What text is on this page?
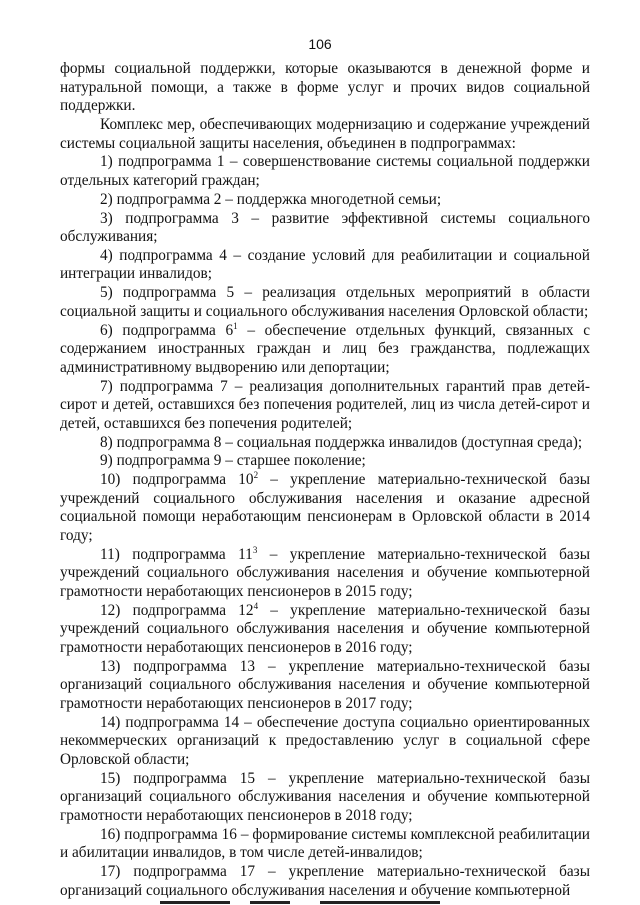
106

формы социальной поддержки, которые оказываются в денежной форме и натуральной помощи, а также в форме услуг и прочих видов социальной поддержки.

Комплекс мер, обеспечивающих модернизацию и содержание учреждений системы социальной защиты населения, объединен в подпрограммах:

1) подпрограмма 1 – совершенствование системы социальной поддержки отдельных категорий граждан;

2) подпрограмма 2 – поддержка многодетной семьи;

3) подпрограмма 3 – развитие эффективной системы социального обслуживания;

4) подпрограмма 4 – создание условий для реабилитации и социальной интеграции инвалидов;

5) подпрограмма 5 – реализация отдельных мероприятий в области социальной защиты и социального обслуживания населения Орловской области;

6) подпрограмма $6^1$ – обеспечение отдельных функций, связанных с содержанием иностранных граждан и лиц без гражданства, подлежащих административному выдворению или депортации;

7) подпрограмма 7 – реализация дополнительных гарантий прав детей-сирот и детей, оставшихся без попечения родителей, лиц из числа детей-сирот и детей, оставшихся без попечения родителей;

8) подпрограмма 8 – социальная поддержка инвалидов (доступная среда);

9) подпрограмма 9 – старшее поколение;

10) подпрограмма $10^2$ – укрепление материально-технической базы учреждений социального обслуживания населения и оказание адресной социальной помощи неработающим пенсионерам в Орловской области в 2014 году;

11) подпрограмма $11^3$ – укрепление материально-технической базы учреждений социального обслуживания населения и обучение компьютерной грамотности неработающих пенсионеров в 2015 году;

12) подпрограмма $12^4$ – укрепление материально-технической базы учреждений социального обслуживания населения и обучение компьютерной грамотности неработающих пенсионеров в 2016 году;

13) подпрограмма 13 – укрепление материально-технической базы организаций социального обслуживания населения и обучение компьютерной грамотности неработающих пенсионеров в 2017 году;

14) подпрограмма 14 – обеспечение доступа социально ориентированных некоммерческих организаций к предоставлению услуг в социальной сфере Орловской области;

15) подпрограмма 15 – укрепление материально-технической базы организаций социального обслуживания населения и обучение компьютерной грамотности неработающих пенсионеров в 2018 году;

16) подпрограмма 16 – формирование системы комплексной реабилитации и абилитации инвалидов, в том числе детей-инвалидов;

17) подпрограмма 17 – укрепление материально-технической базы организаций социального обслуживания населения и обучение компьютерной
